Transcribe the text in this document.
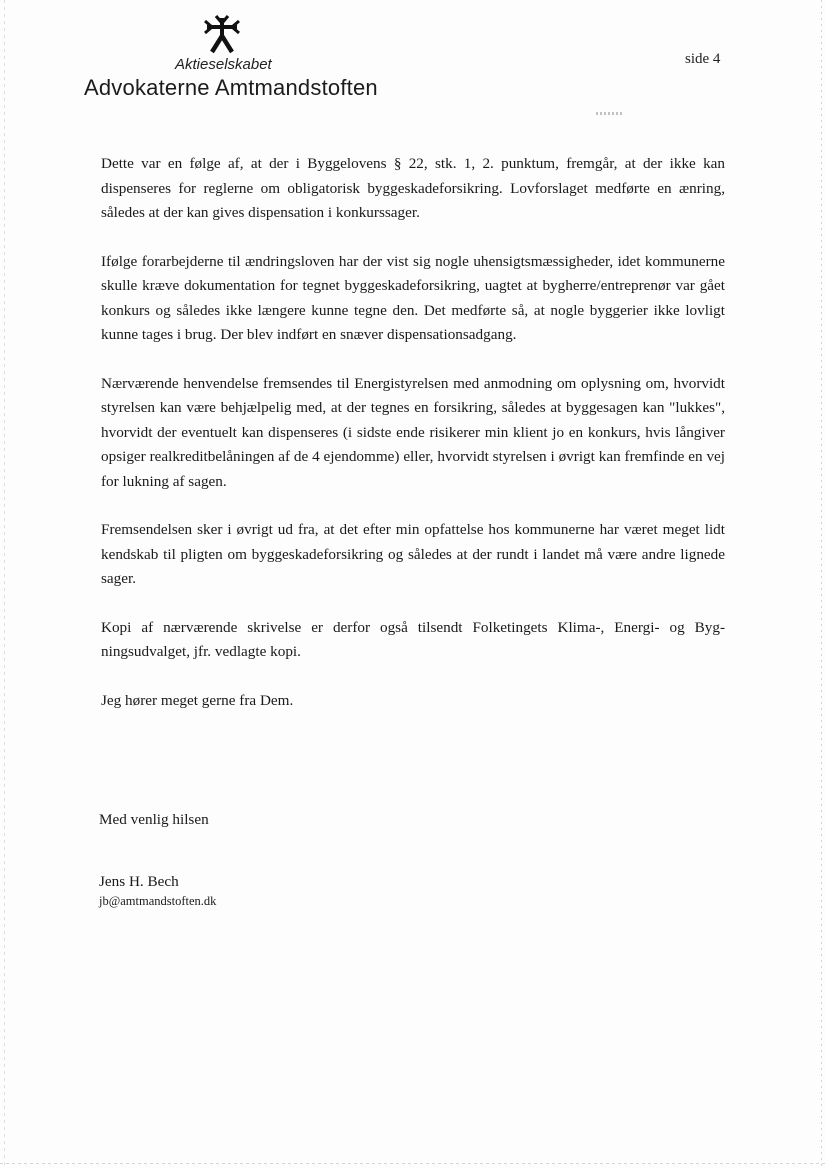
Aktieselskabet
Advokaterne Amtmandstoften
side 4

Dette var en følge af, at der i Byggelovens § 22, stk. 1, 2. punktum, fremgår, at der ikke kan dispenseres for reglerne om obligatorisk byggeskadeforsikring. Lovforslaget medførte en ænring, således at der kan gives dispensation i konkurssager.

Ifølge forarbejderne til ændringsloven har der vist sig nogle uhensigtsmæssigheder, idet kommunerne skulle kræve dokumentation for tegnet byggeskadeforsikring, uagtet at bygherre/entreprenør var gået konkurs og således ikke længere kunne tegne den. Det medførte så, at nogle byggerier ikke lovligt kunne tages i brug. Der blev indført en snæver dispensationsadgang.

Nærværende henvendelse fremsendes til Energistyrelsen med anmodning om oplysning om, hvorvidt styrelsen kan være behjælpelig med, at der tegnes en forsikring, således at byggesagen kan "lukkes", hvorvidt der eventuelt kan dispenseres (i sidste ende risikerer min klient jo en konkurs, hvis långiver opsiger realkreditbelåningen af de 4 ejendomme) eller, hvorvidt styrelsen i øvrigt kan fremfinde en vej for lukning af sagen.

Fremsendelsen sker i øvrigt ud fra, at det efter min opfattelse hos kommunerne har været meget lidt kendskab til pligten om byggeskadeforsikring og således at der rundt i landet må være andre lignede sager.

Kopi af nærværende skrivelse er derfor også tilsendt Folketingets Klima-, Energi- og Bygningsudvalget, jfr. vedlagte kopi.

Jeg hører meget gerne fra Dem.

Med venlig hilsen
Jens H. Bech
jb@amtmandstoften.dk
